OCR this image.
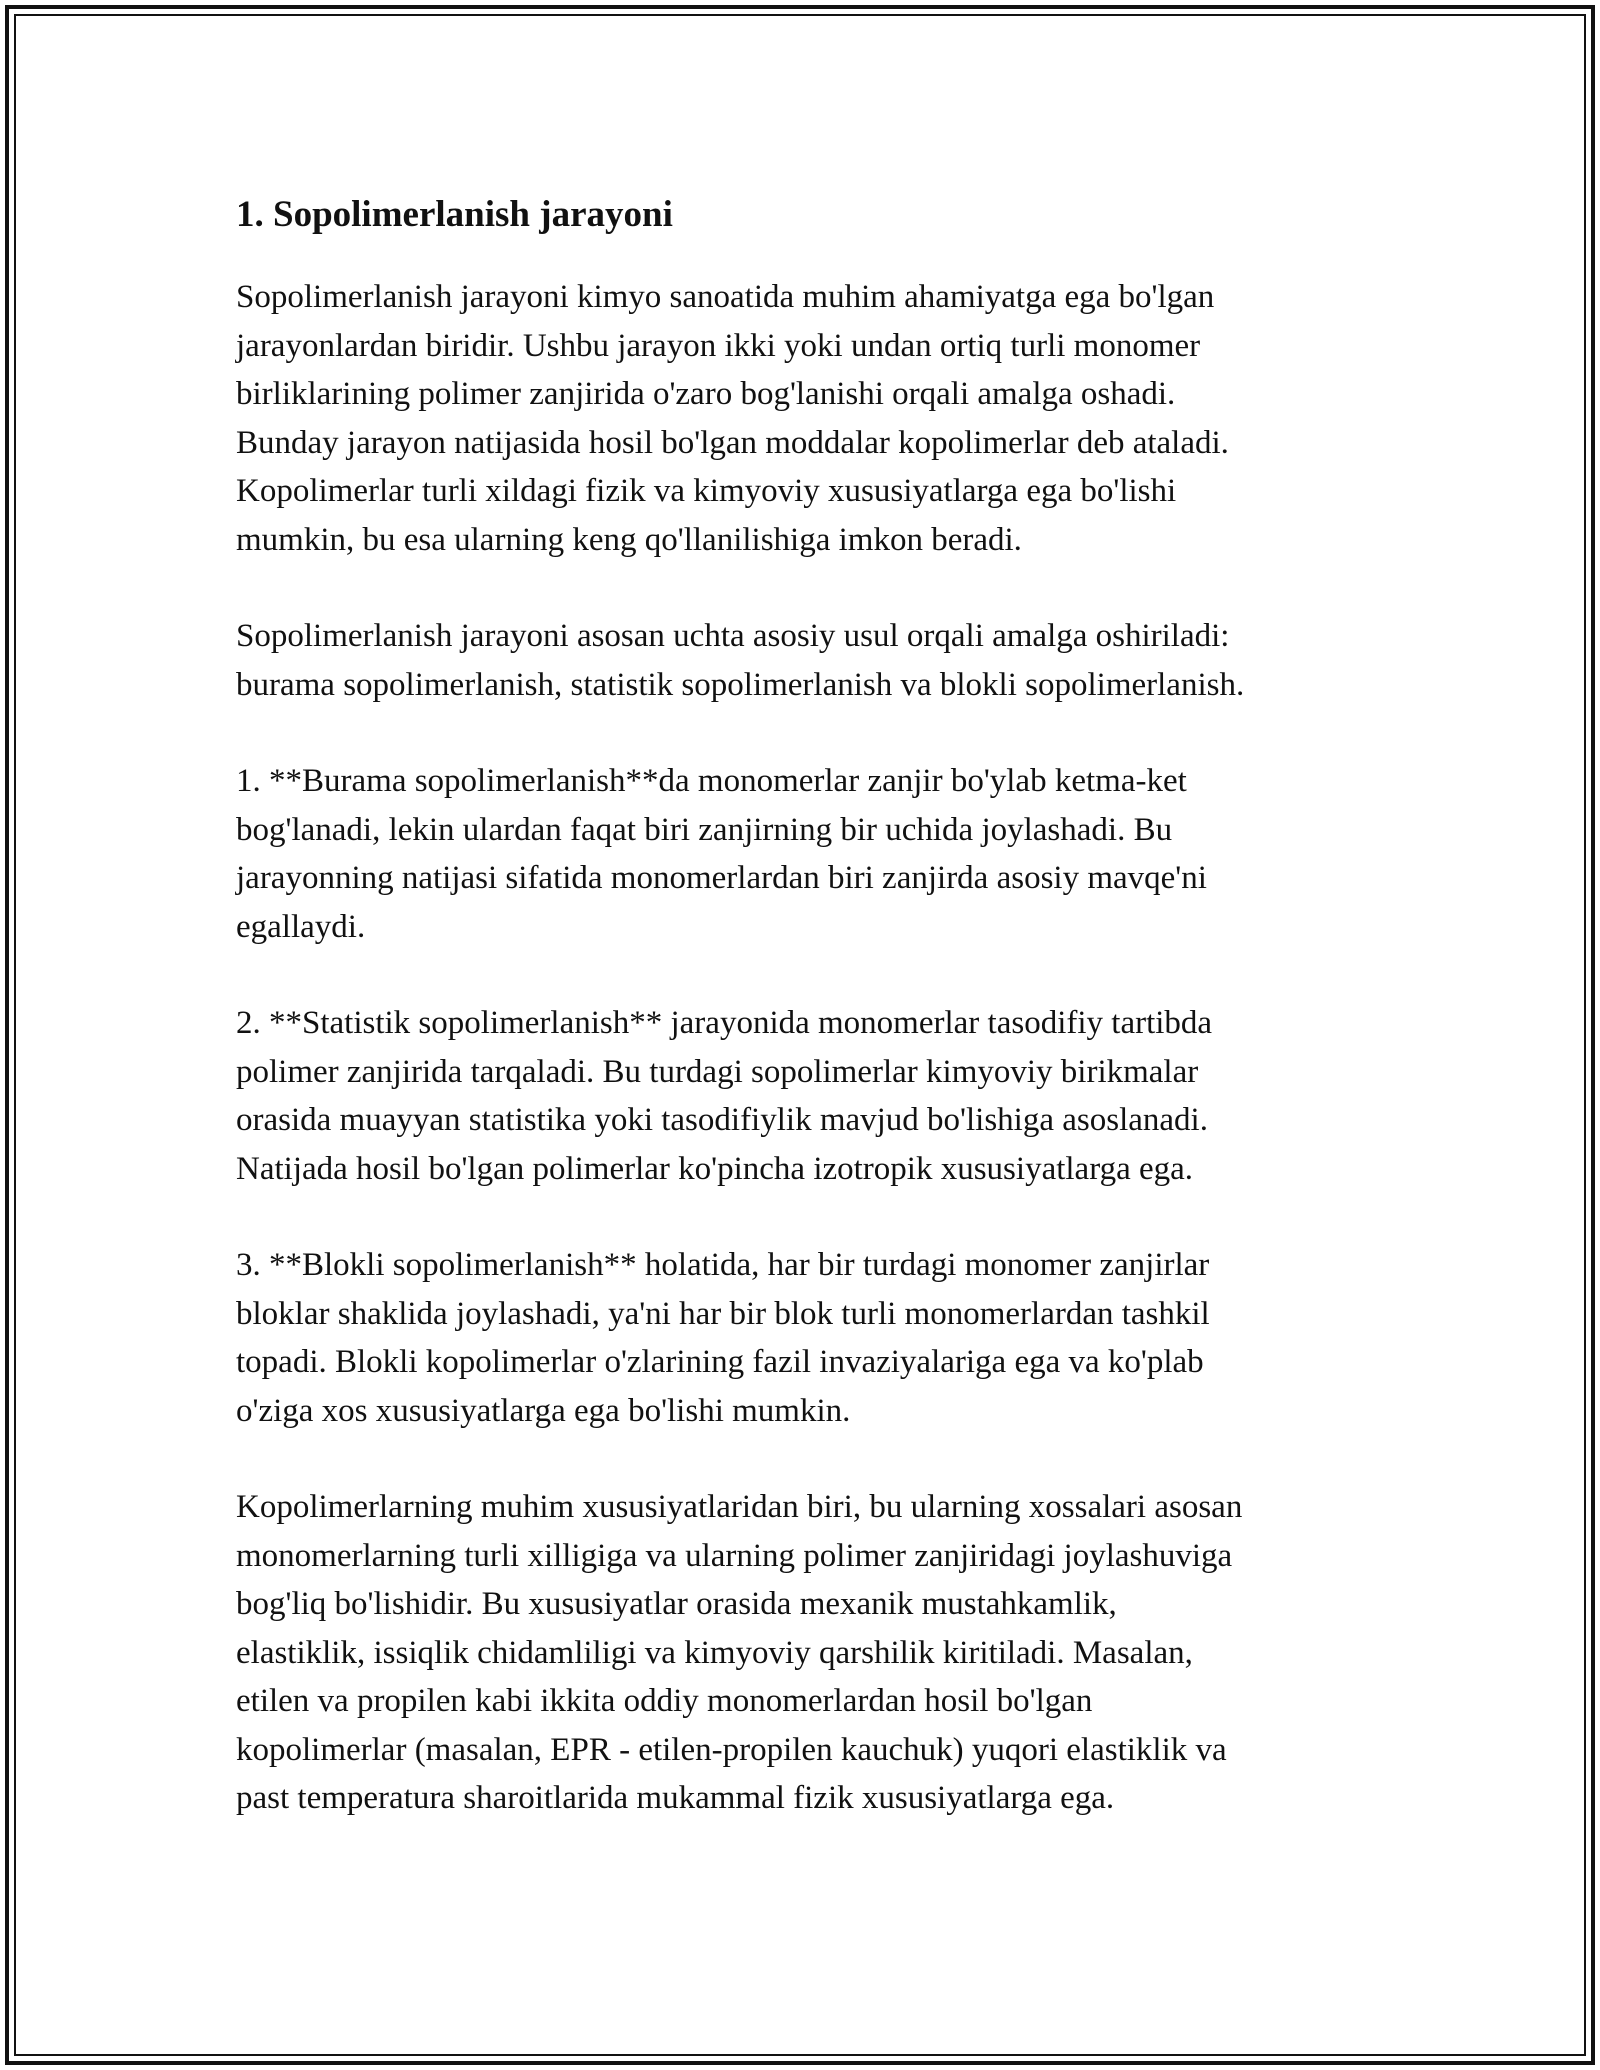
1. Sopolimerlanish jarayoni

Sopolimerlanish jarayoni kimyo sanoatida muhim ahamiyatga ega bo'lgan
jarayonlardan biridir. Ushbu jarayon ikki yoki undan ortiq turli monomer
birliklarining polimer zanjirida o'zaro bog'lanishi orqali amalga oshadi.
Bunday jarayon natijasida hosil bo'lgan moddalar kopolimerlar deb ataladi.
Kopolimerlar turli xildagi fizik va kimyoviy xususiyatlarga ega bo'lishi
mumkin, bu esa ularning keng qo'llanilishiga imkon beradi.

Sopolimerlanish jarayoni asosan uchta asosiy usul orqali amalga oshiriladi:
burama sopolimerlanish, statistik sopolimerlanish va blokli sopolimerlanish.

1. **Burama sopolimerlanish**da monomerlar zanjir bo'ylab ketma-ket
bog'lanadi, lekin ulardan faqat biri zanjirning bir uchida joylashadi. Bu
jarayonning natijasi sifatida monomerlardan biri zanjirda asosiy mavqe'ni
egallaydi.

2. **Statistik sopolimerlanish** jarayonida monomerlar tasodifiy tartibda
polimer zanjirida tarqaladi. Bu turdagi sopolimerlar kimyoviy birikmalar
orasida muayyan statistika yoki tasodifiylik mavjud bo'lishiga asoslanadi.
Natijada hosil bo'lgan polimerlar ko'pincha izotropik xususiyatlarga ega.

3. **Blokli sopolimerlanish** holatida, har bir turdagi monomer zanjirlar
bloklar shaklida joylashadi, ya'ni har bir blok turli monomerlardan tashkil
topadi. Blokli kopolimerlar o'zlarining fazil invaziyalariga ega va ko'plab
o'ziga xos xususiyatlarga ega bo'lishi mumkin.

Kopolimerlarning muhim xususiyatlaridan biri, bu ularning xossalari asosan
monomerlarning turli xilligiga va ularning polimer zanjiridagi joylashuviga
bog'liq bo'lishidir. Bu xususiyatlar orasida mexanik mustahkamlik,
elastiklik, issiqlik chidamliligi va kimyoviy qarshilik kiritiladi. Masalan,
etilen va propilen kabi ikkita oddiy monomerlardan hosil bo'lgan
kopolimerlar (masalan, EPR - etilen-propilen kauchuk) yuqori elastiklik va
past temperatura sharoitlarida mukammal fizik xususiyatlarga ega.
